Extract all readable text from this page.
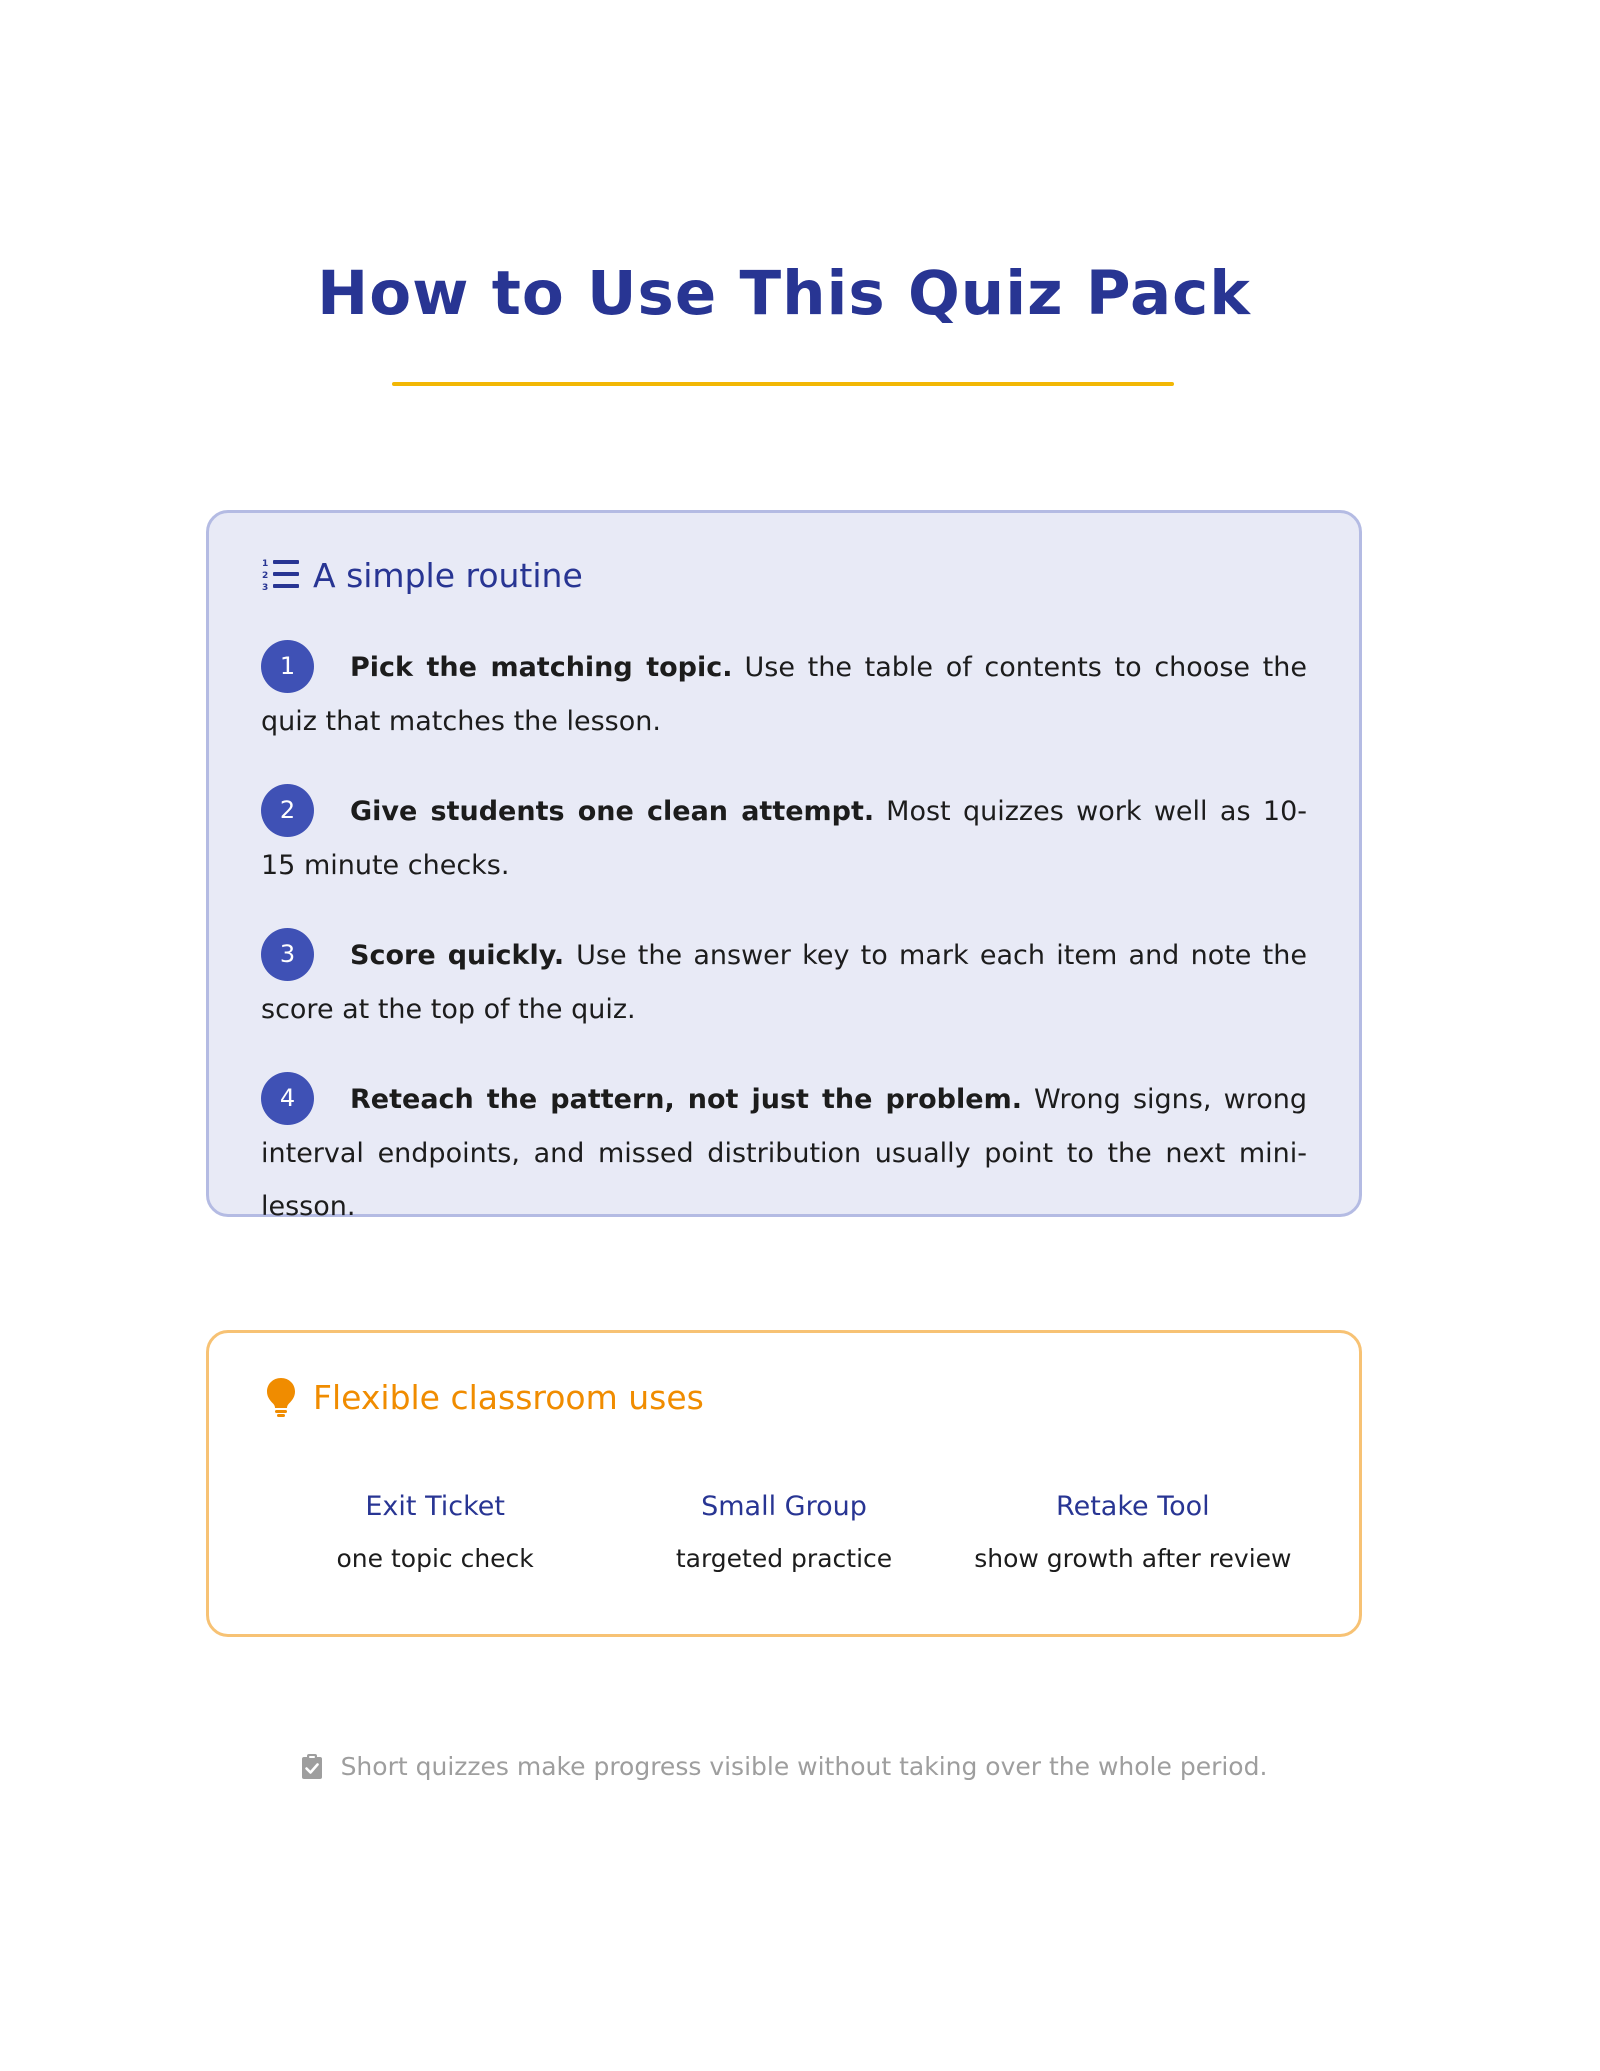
How to Use This Quiz Pack
1
2
3 A simple routine
1 Pick the matching topic. Use the table of contents to choose the quiz that matches the lesson.
2 Give students one clean attempt. Most quizzes work well as 10-15 minute checks.
3 Score quickly. Use the answer key to mark each item and note the score at the top of the quiz.
4 Reteach the pattern, not just the problem. Wrong signs, wrong interval endpoints, and missed distribution usually point to the next mini-lesson.
Flexible classroom uses
Exit Ticket
one topic check
Small Group
targeted practice
Retake Tool
show growth after review
Short quizzes make progress visible without taking over the whole period.
